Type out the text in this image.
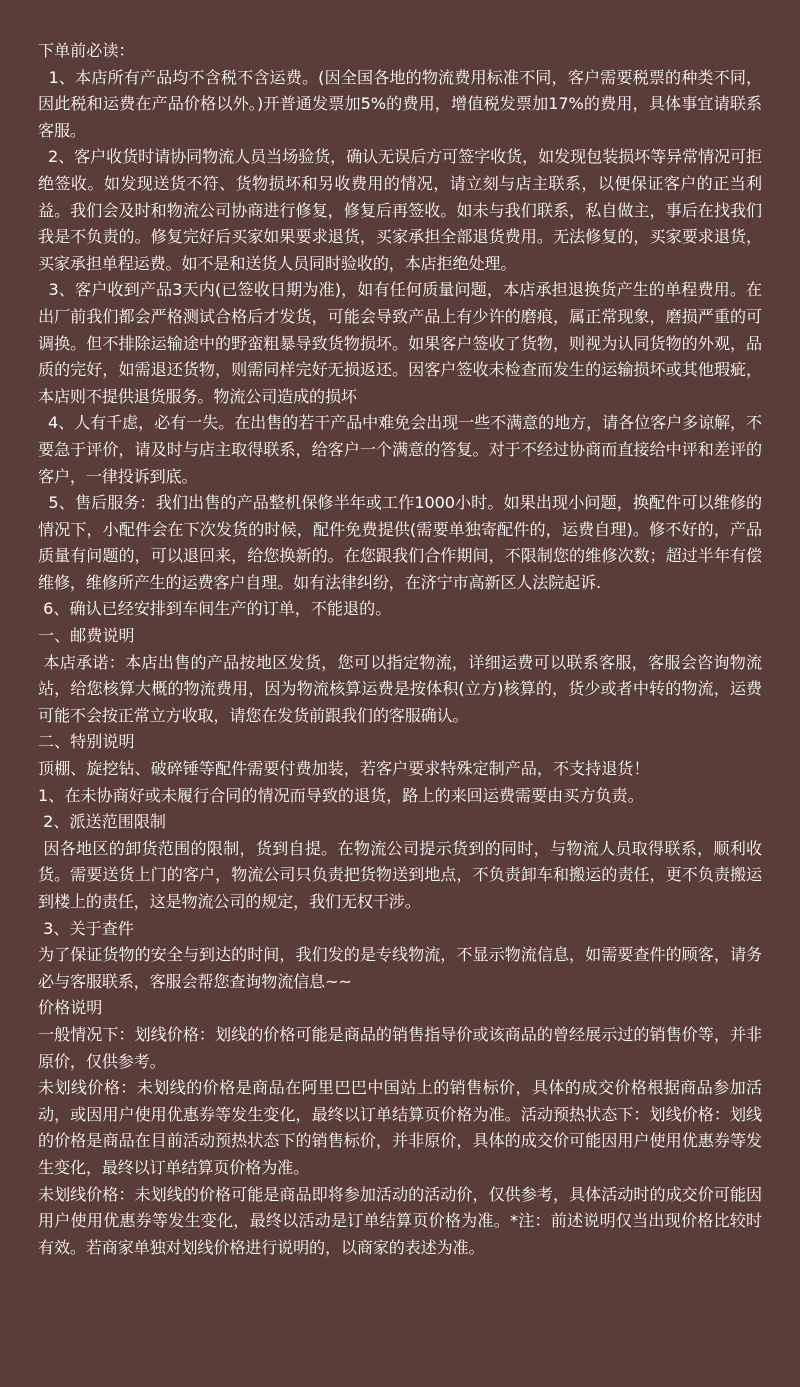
下单前必读：

1、本店所有产品均不含税不含运费。(因全国各地的物流费用标准不同，客户需要税票的种类不同，因此税和运费在产品价格以外。)开普通发票加5%的费用，增值税发票加17%的费用，具体事宜请联系客服。

2、客户收货时请协同物流人员当场验货，确认无误后方可签字收货，如发现包装损坏等异常情况可拒绝签收。如发现送货不符、货物损坏和另收费用的情况，请立刻与店主联系，以便保证客户的正当利益。我们会及时和物流公司协商进行修复，修复后再签收。如未与我们联系，私自做主，事后在找我们我是不负责的。修复完好后买家如果要求退货，买家承担全部退货费用。无法修复的，买家要求退货，买家承担单程运费。如不是和送货人员同时验收的，本店拒绝处理。

3、客户收到产品3天内(已签收日期为准)，如有任何质量问题，本店承担退换货产生的单程费用。在出厂前我们都会严格测试合格后才发货，可能会导致产品上有少许的磨痕，属正常现象，磨损严重的可调换。但不排除运输途中的野蛮粗暴导致货物损坏。如果客户签收了货物，则视为认同货物的外观，品质的完好，如需退还货物，则需同样完好无损返还。因客户签收未检查而发生的运输损坏或其他瑕疵，本店则不提供退货服务。物流公司造成的损坏

4、人有千虑，必有一失。在出售的若干产品中难免会出现一些不满意的地方，请各位客户多谅解，不要急于评价，请及时与店主取得联系，给客户一个满意的答复。对于不经过协商而直接给中评和差评的客户，一律投诉到底。

5、售后服务：我们出售的产品整机保修半年或工作1000小时。如果出现小问题，换配件可以维修的情况下，小配件会在下次发货的时候，配件免费提供(需要单独寄配件的，运费自理)。修不好的，产品质量有问题的，可以退回来，给您换新的。在您跟我们合作期间，不限制您的维修次数；超过半年有偿维修，维修所产生的运费客户自理。如有法律纠纷，在济宁市高新区人法院起诉.

6、确认已经安排到车间生产的订单，不能退的。

一、邮费说明

本店承诺：本店出售的产品按地区发货，您可以指定物流，详细运费可以联系客服，客服会咨询物流站，给您核算大概的物流费用，因为物流核算运费是按体积(立方)核算的，货少或者中转的物流，运费可能不会按正常立方收取，请您在发货前跟我们的客服确认。

二、特别说明

顶棚、旋挖钻、破碎锤等配件需要付费加装，若客户要求特殊定制产品，不支持退货！

1、在未协商好或未履行合同的情况而导致的退货，路上的来回运费需要由买方负责。

2、派送范围限制

因各地区的卸货范围的限制，货到自提。在物流公司提示货到的同时，与物流人员取得联系，顺利收货。需要送货上门的客户，物流公司只负责把货物送到地点，不负责卸车和搬运的责任，更不负责搬运到楼上的责任，这是物流公司的规定，我们无权干涉。

3、关于查件

为了保证货物的安全与到达的时间，我们发的是专线物流，不显示物流信息，如需要查件的顾客，请务必与客服联系，客服会帮您查询物流信息~~

价格说明

一般情况下：划线价格：划线的价格可能是商品的销售指导价或该商品的曾经展示过的销售价等，并非原价，仅供参考。

未划线价格：未划线的价格是商品在阿里巴巴中国站上的销售标价，具体的成交价格根据商品参加活动，或因用户使用优惠券等发生变化，最终以订单结算页价格为准。活动预热状态下：划线价格：划线的价格是商品在目前活动预热状态下的销售标价，并非原价，具体的成交价可能因用户使用优惠券等发生变化，最终以订单结算页价格为准。

未划线价格：未划线的价格可能是商品即将参加活动的活动价，仅供参考，具体活动时的成交价可能因用户使用优惠券等发生变化，最终以活动是订单结算页价格为准。*注：前述说明仅当出现价格比较时有效。若商家单独对划线价格进行说明的，以商家的表述为准。
